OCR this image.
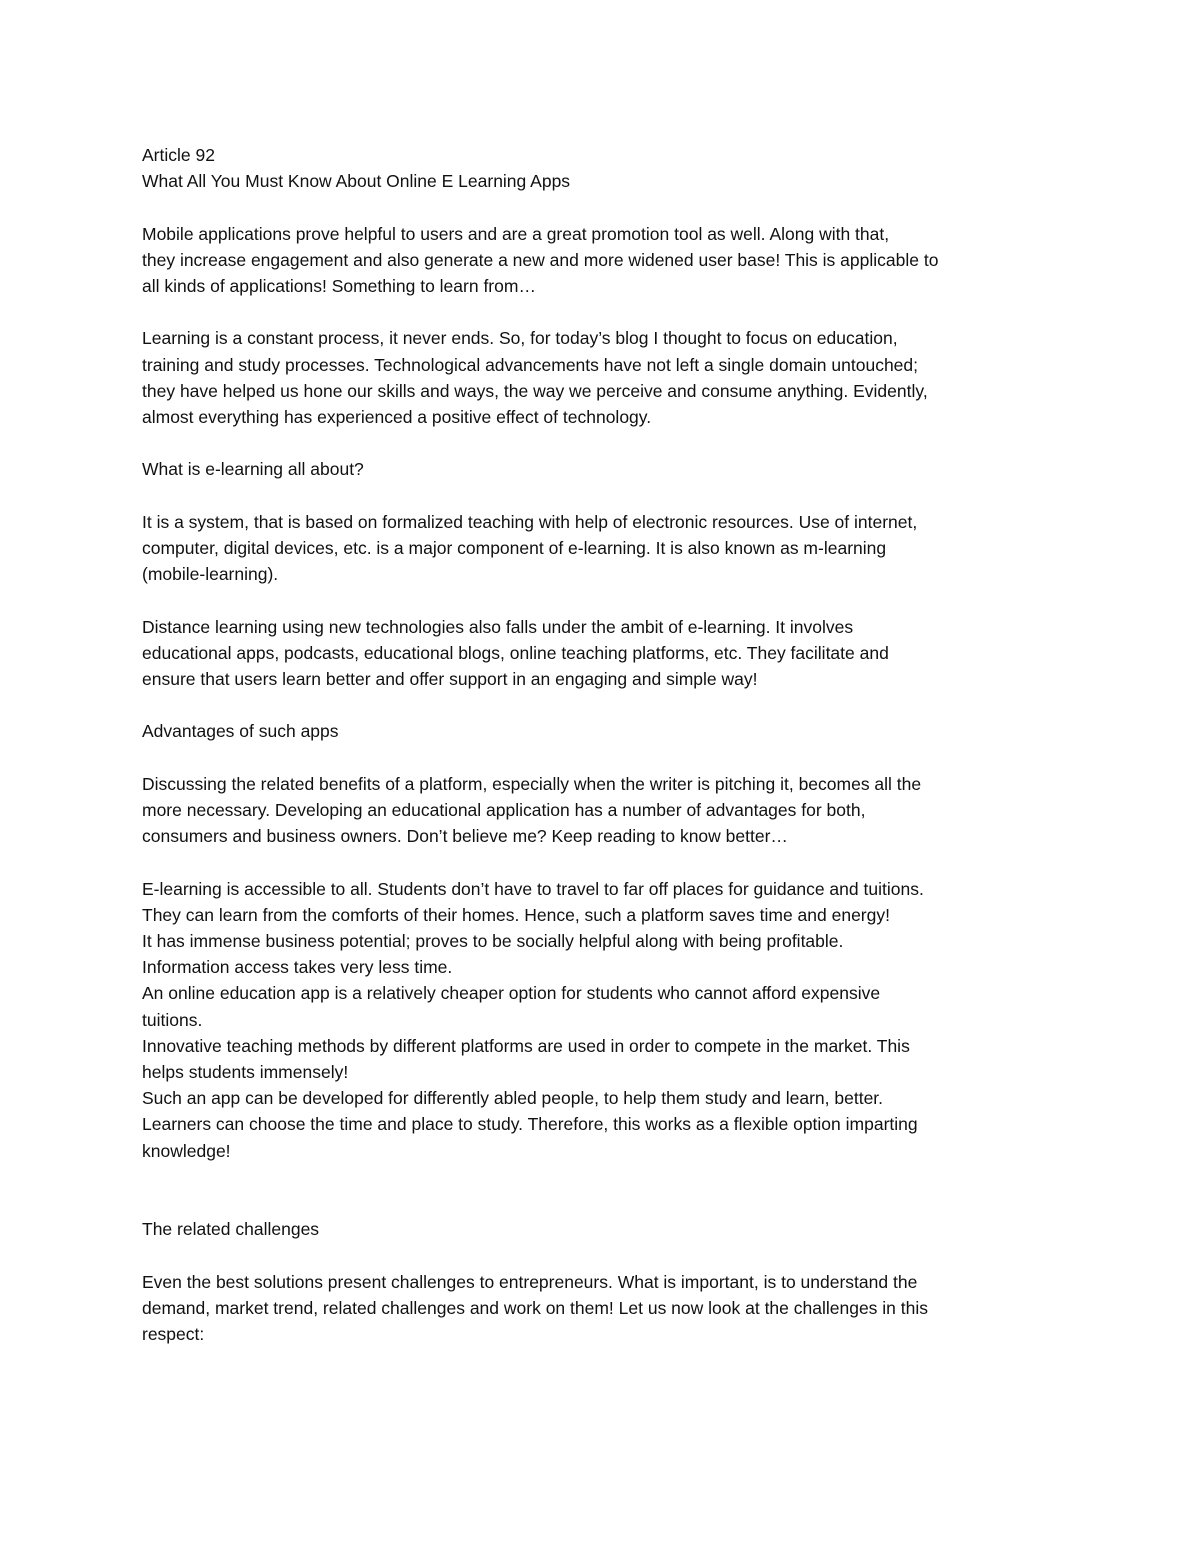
Article 92
What All You Must Know About Online E Learning Apps
Mobile applications prove helpful to users and are a great promotion tool as well. Along with that,
they increase engagement and also generate a new and more widened user base! This is applicable to
all kinds of applications! Something to learn from…
Learning is a constant process, it never ends. So, for today’s blog I thought to focus on education,
training and study processes. Technological advancements have not left a single domain untouched;
they have helped us hone our skills and ways, the way we perceive and consume anything. Evidently,
almost everything has experienced a positive effect of technology.
What is e-learning all about?
It is a system, that is based on formalized teaching with help of electronic resources. Use of internet,
computer, digital devices, etc. is a major component of e-learning. It is also known as m-learning
(mobile-learning).
Distance learning using new technologies also falls under the ambit of e-learning. It involves
educational apps, podcasts, educational blogs, online teaching platforms, etc. They facilitate and
ensure that users learn better and offer support in an engaging and simple way!
Advantages of such apps
Discussing the related benefits of a platform, especially when the writer is pitching it, becomes all the
more necessary. Developing an educational application has a number of advantages for both,
consumers and business owners. Don’t believe me? Keep reading to know better…
E-learning is accessible to all. Students don’t have to travel to far off places for guidance and tuitions.
They can learn from the comforts of their homes. Hence, such a platform saves time and energy!
It has immense business potential; proves to be socially helpful along with being profitable.
Information access takes very less time.
An online education app is a relatively cheaper option for students who cannot afford expensive
tuitions.
Innovative teaching methods by different platforms are used in order to compete in the market. This
helps students immensely!
Such an app can be developed for differently abled people, to help them study and learn, better.
Learners can choose the time and place to study. Therefore, this works as a flexible option imparting
knowledge!
The related challenges
Even the best solutions present challenges to entrepreneurs. What is important, is to understand the
demand, market trend, related challenges and work on them! Let us now look at the challenges in this
respect:
